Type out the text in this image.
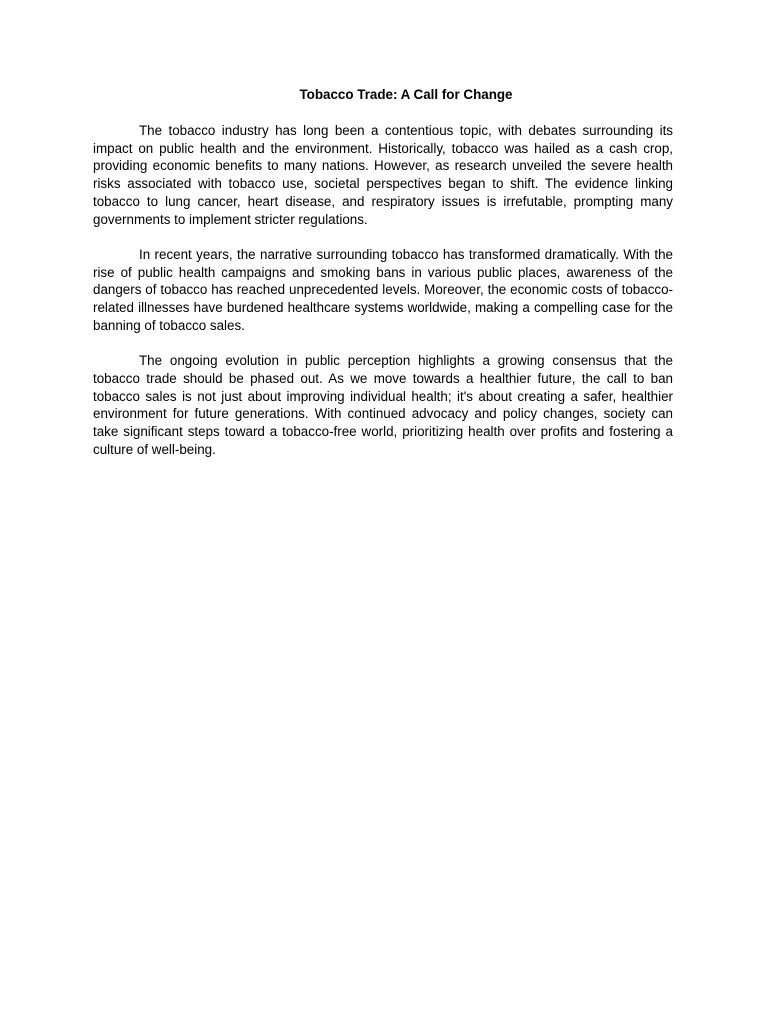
Tobacco Trade: A Call for Change

The tobacco industry has long been a contentious topic, with debates surrounding its impact on public health and the environment. Historically, tobacco was hailed as a cash crop, providing economic benefits to many nations. However, as research unveiled the severe health risks associated with tobacco use, societal perspectives began to shift. The evidence linking tobacco to lung cancer, heart disease, and respiratory issues is irrefutable, prompting many governments to implement stricter regulations.

In recent years, the narrative surrounding tobacco has transformed dramatically. With the rise of public health campaigns and smoking bans in various public places, awareness of the dangers of tobacco has reached unprecedented levels. Moreover, the economic costs of tobacco-related illnesses have burdened healthcare systems worldwide, making a compelling case for the banning of tobacco sales.

The ongoing evolution in public perception highlights a growing consensus that the tobacco trade should be phased out. As we move towards a healthier future, the call to ban tobacco sales is not just about improving individual health; it's about creating a safer, healthier environment for future generations. With continued advocacy and policy changes, society can take significant steps toward a tobacco-free world, prioritizing health over profits and fostering a culture of well-being.
